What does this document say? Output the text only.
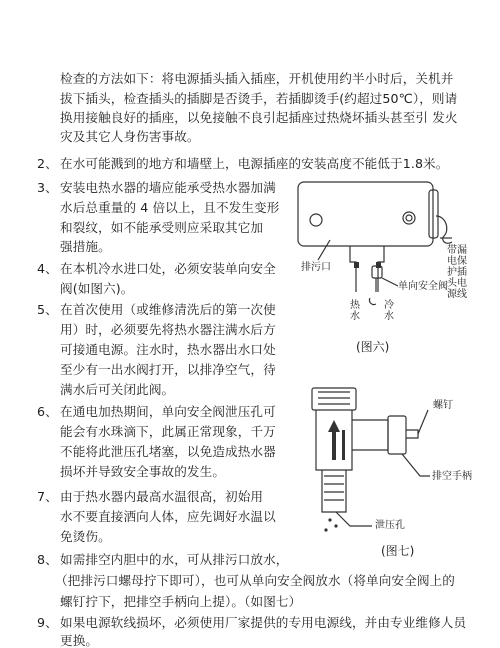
检查的方法如下：将电源插头插入插座，开机使用约半小时后，关机并
拔下插头，检查插头的插脚是否烫手，若插脚烫手(约超过50℃），则请
换用接触良好的插座，以免接触不良引起插座过热烧坏插头甚至引 发火
灾及其它人身伤害事故。
2、 在水可能溅到的地方和墙壁上，电源插座的安装高度不能低于1.8米。
3、 安装电热水器的墙应能承受热水器加满
水后总重量的 4 倍以上，且不发生变形
和裂纹，如不能承受则应采取其它加
强措施。
4、 在本机冷水进口处，必须安装单向安全
阀(如图六)。
5、 在首次使用（或维修清洗后的第一次使
用）时，必须要先将热水器注满水后方
可接通电源。注水时，热水器出水口处
至少有一出水阀打开，以排净空气，待
满水后可关闭此阀。
6、 在通电加热期间，单向安全阀泄压孔可
能会有水珠滴下，此属正常现象，千万
不能将此泄压孔堵塞，以免造成热水器
损坏并导致安全事故的发生。
7、 由于热水器内最高水温很高，初始用
水不要直接洒向人体，应先调好水温以
免烫伤。
8、 如需排空内胆中的水，可从排污口放水，
（把排污口螺母拧下即可），也可从单向安全阀放水（将单向安全阀上的
螺钉拧下，把排空手柄向上提）。（如图七）
9、 如果电源软线损坏，必须使用厂家提供的专用电源线，并由专业维修人员
更换。
排污口
单向安全阀
带漏电保护插头电源线
热水
冷水
(图六)
螺钉
排空手柄
泄压孔
(图七)
